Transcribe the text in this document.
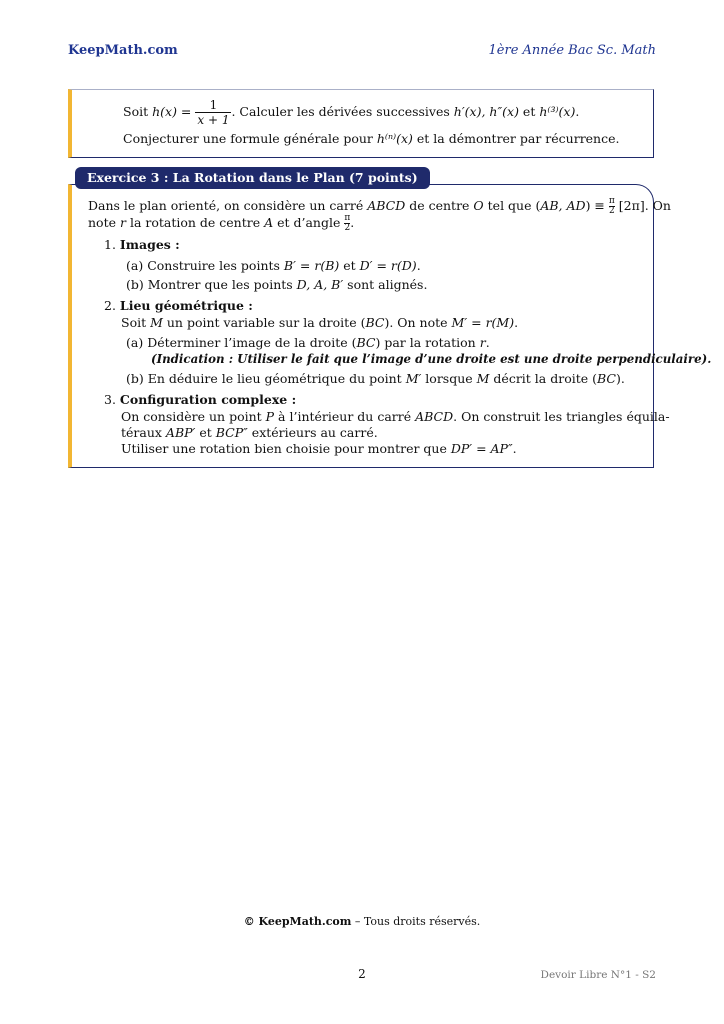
KeepMath.com	1ère Année Bac Sc. Math
Soit $h(x) = \frac{1}{x + 1}$ . Calculer les dérivées successives h′(x), h″(x) et h⁽³⁾(x).
Conjecturer une formule générale pour h⁽ⁿ⁾(x) et la démontrer par récurrence.
Exercice 3 : La Rotation dans le Plan (7 points)
Dans le plan orienté, on considère un carré ABCD de centre O tel que (AB, $AD) \equiv \frac{\pi}{2} [2\pi]$. On
note r la rotation de centre A et d’angle $\frac{\pi}{2}$ .
1. Images :
(a) Construire les points B′ = r(B) et D′ = r(D).
(b) Montrer que les points D, A, B′ sont alignés.
2. Lieu géométrique :
Soit M un point variable sur la droite (BC). On note M′ = r(M).
(a) Déterminer l’image de la droite (BC) par la rotation r.
(Indication : Utiliser le fait que l’image d’une droite est une droite perpendiculaire).
(b) En déduire le lieu géométrique du point M′ lorsque M décrit la droite (BC).
3. Configuration complexe :
On considère un point P à l’intérieur du carré ABCD. On construit les triangles équila-
téraux ABP′ et BCP″ extérieurs au carré.
Utiliser une rotation bien choisie pour montrer que DP′ = AP″.
© KeepMath.com – Tous droits réservés.
2	Devoir Libre N°1 - S2
